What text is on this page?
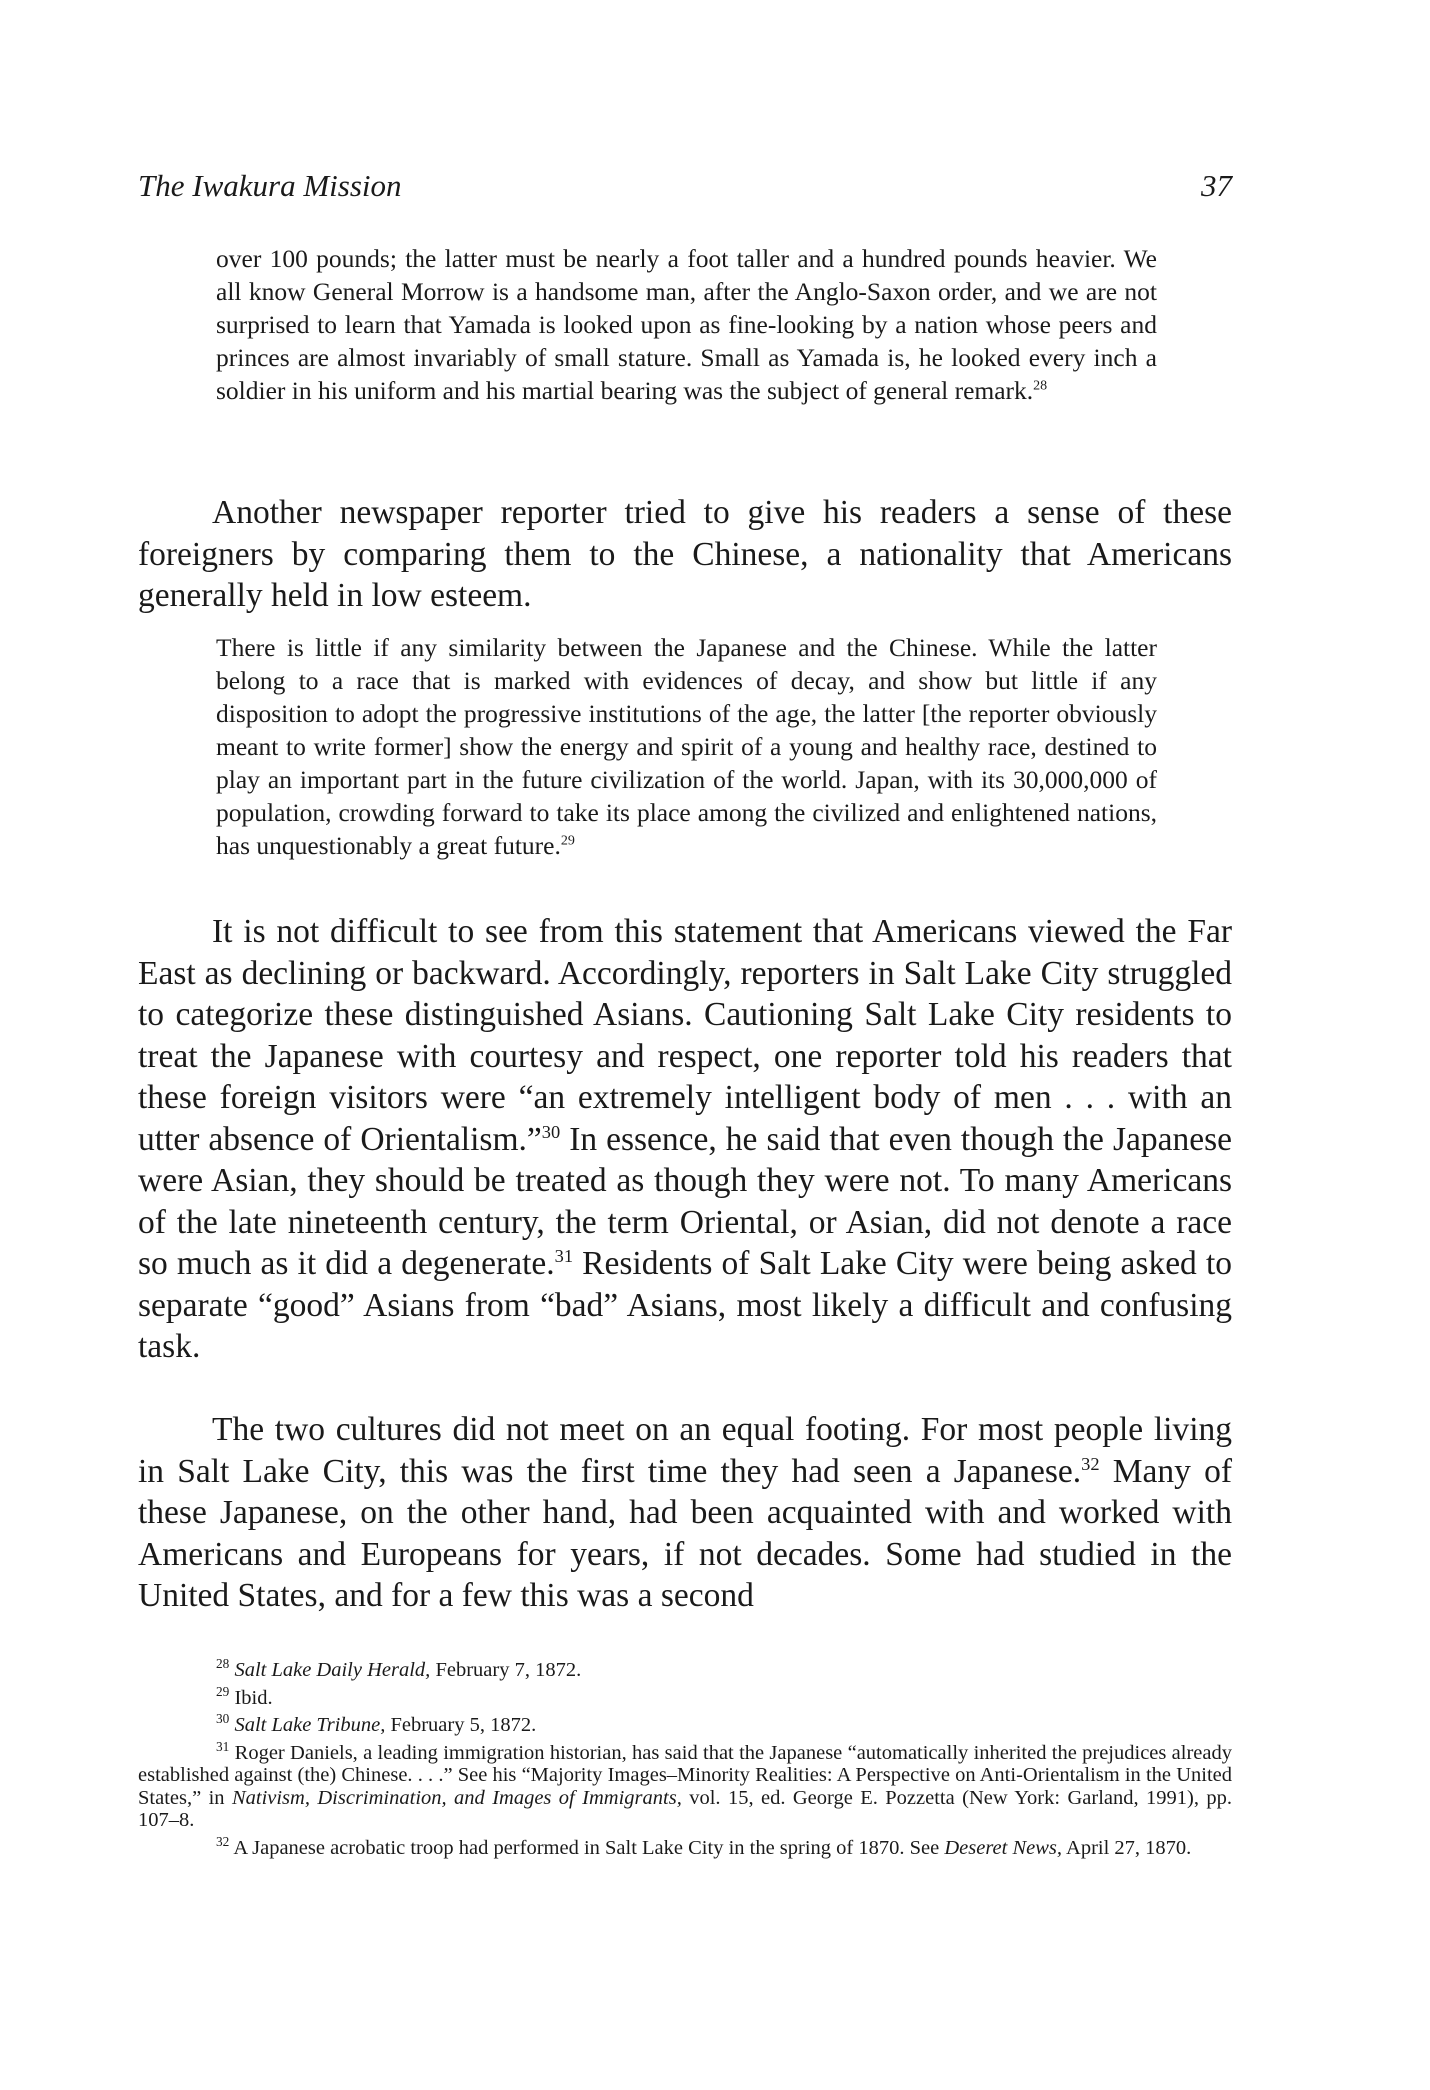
The Iwakura Mission	37

over 100 pounds; the latter must be nearly a foot taller and a hundred pounds heavier. We all know General Morrow is a handsome man, after the Anglo-Saxon order, and we are not surprised to learn that Yamada is looked upon as fine-looking by a nation whose peers and princes are almost invariably of small stature. Small as Yamada is, he looked every inch a soldier in his uniform and his martial bearing was the subject of general remark.$^{28}$

Another newspaper reporter tried to give his readers a sense of these foreigners by comparing them to the Chinese, a nationality that Americans generally held in low esteem.

There is little if any similarity between the Japanese and the Chinese. While the latter belong to a race that is marked with evidences of decay, and show but little if any disposition to adopt the progressive institutions of the age, the latter [the reporter obviously meant to write former] show the energy and spirit of a young and healthy race, destined to play an important part in the future civilization of the world. Japan, with its 30,000,000 of population, crowding forward to take its place among the civilized and enlightened nations, has unquestionably a great future.$^{29}$

It is not difficult to see from this statement that Americans viewed the Far East as declining or backward. Accordingly, reporters in Salt Lake City struggled to categorize these distinguished Asians. Cautioning Salt Lake City residents to treat the Japanese with courtesy and respect, one reporter told his readers that these foreign visitors were “an extremely intelligent body of men . . . with an utter absence of Orientalism.”$^{30}$ In essence, he said that even though the Japanese were Asian, they should be treated as though they were not. To many Americans of the late nineteenth century, the term Oriental, or Asian, did not denote a race so much as it did a degenerate.$^{31}$ Residents of Salt Lake City were being asked to separate “good” Asians from “bad” Asians, most likely a difficult and confusing task.

The two cultures did not meet on an equal footing. For most people living in Salt Lake City, this was the first time they had seen a Japanese.$^{32}$ Many of these Japanese, on the other hand, had been acquainted with and worked with Americans and Europeans for years, if not decades. Some had studied in the United States, and for a few this was a second

$^{28}$ Salt Lake Daily Herald, February 7, 1872.

$^{29}$ Ibid.

$^{30}$ Salt Lake Tribune, February 5, 1872.

$^{31}$ Roger Daniels, a leading immigration historian, has said that the Japanese “automatically inherited the prejudices already established against (the) Chinese. . . .” See his “Majority Images–Minority Realities: A Perspective on Anti-Orientalism in the United States,” in Nativism, Discrimination, and Images of Immigrants, vol. 15, ed. George E. Pozzetta (New York: Garland, 1991), pp. 107–8.

$^{32}$ A Japanese acrobatic troop had performed in Salt Lake City in the spring of 1870. See Deseret News, April 27, 1870.
